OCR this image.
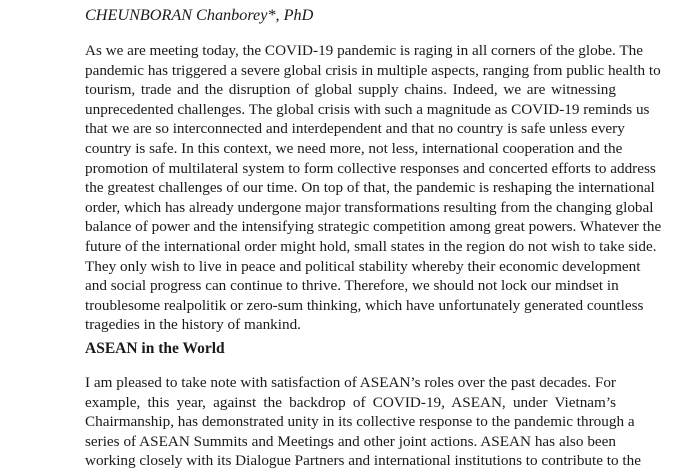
CHEUNBORAN Chanborey*, PhD
As we are meeting today, the COVID-19 pandemic is raging in all corners of the globe. The
pandemic has triggered a severe global crisis in multiple aspects, ranging from public health to
tourism, trade and the disruption of global supply chains. Indeed, we are witnessing
unprecedented challenges. The global crisis with such a magnitude as COVID-19 reminds us
that we are so interconnected and interdependent and that no country is safe unless every
country is safe. In this context, we need more, not less, international cooperation and the
promotion of multilateral system to form collective responses and concerted efforts to address
the greatest challenges of our time. On top of that, the pandemic is reshaping the international
order, which has already undergone major transformations resulting from the changing global
balance of power and the intensifying strategic competition among great powers. Whatever the
future of the international order might hold, small states in the region do not wish to take side.
They only wish to live in peace and political stability whereby their economic development
and social progress can continue to thrive. Therefore, we should not lock our mindset in
troublesome realpolitik or zero-sum thinking, which have unfortunately generated countless
tragedies in the history of mankind.
ASEAN in the World
I am pleased to take note with satisfaction of ASEAN’s roles over the past decades. For
example, this year, against the backdrop of COVID-19, ASEAN, under Vietnam’s
Chairmanship, has demonstrated unity in its collective response to the pandemic through a
series of ASEAN Summits and Meetings and other joint actions. ASEAN has also been
working closely with its Dialogue Partners and international institutions to contribute to the
